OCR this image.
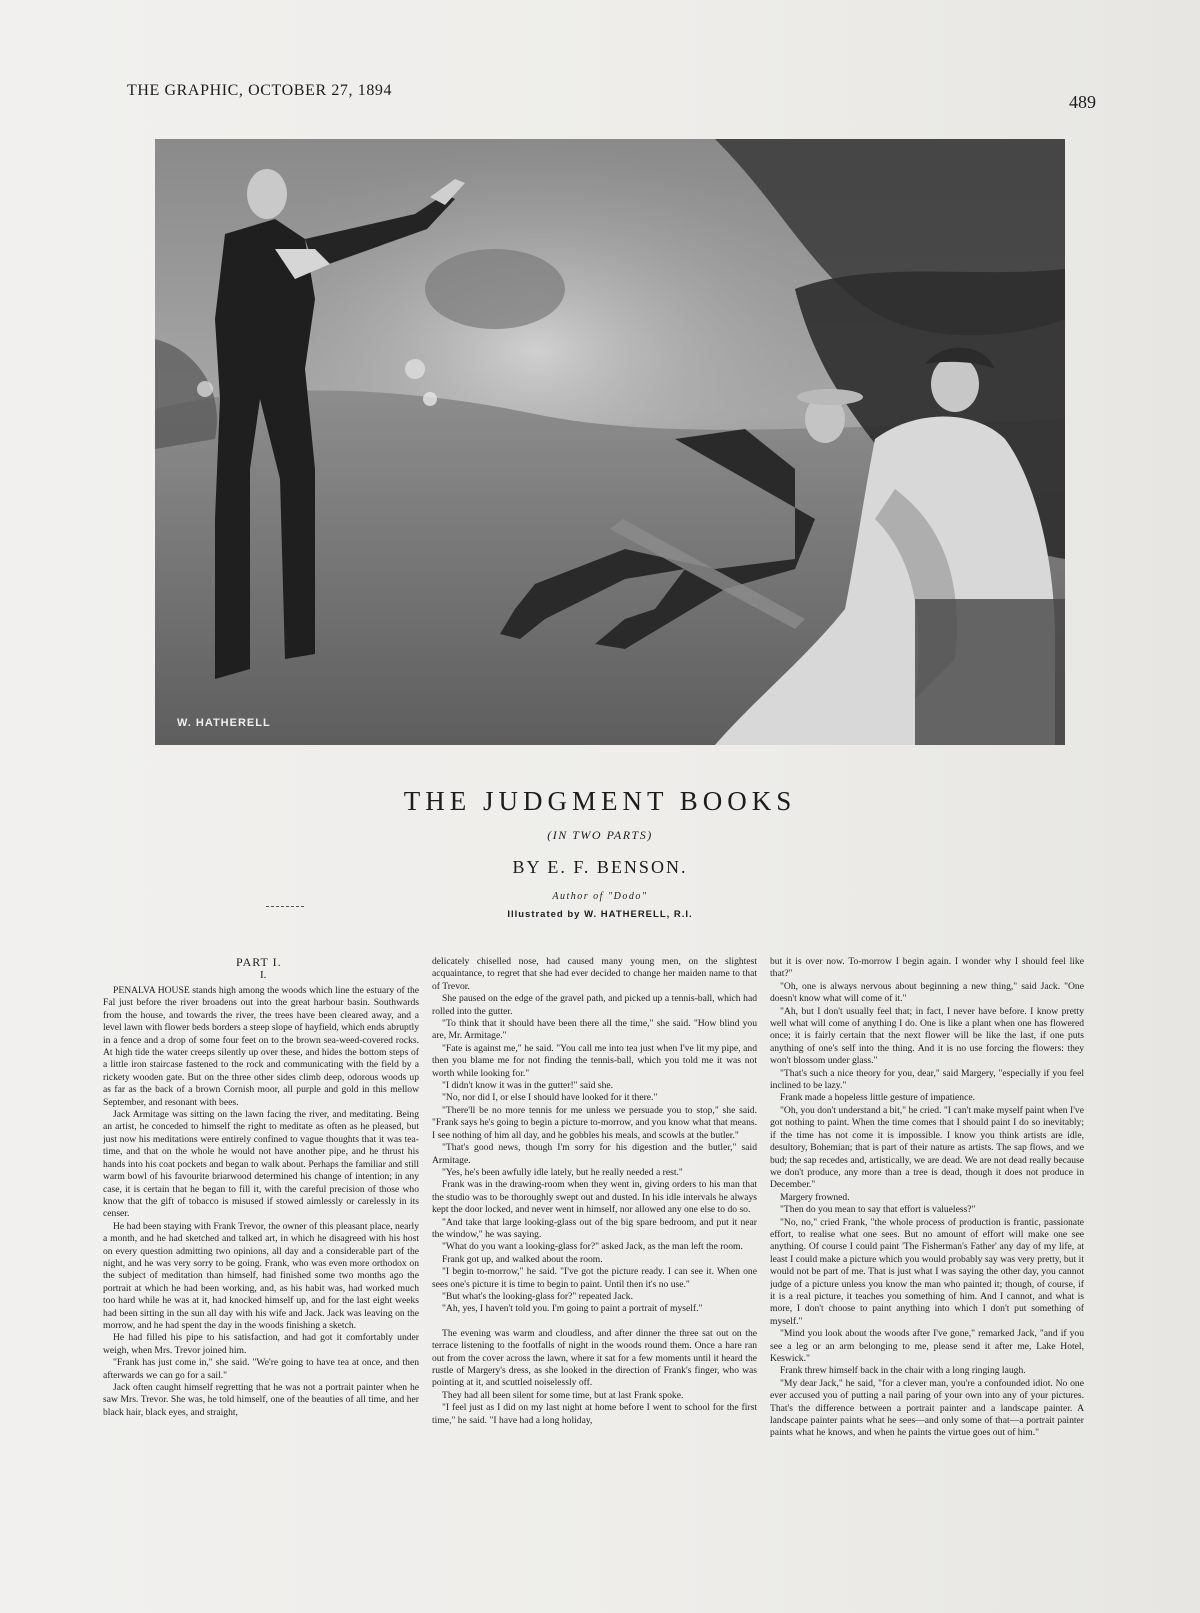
THE GRAPHIC, OCTOBER 27, 1894
489
W. HATHERELL
THE JUDGMENT BOOKS
(IN TWO PARTS)
BY E. F. BENSON.
Author of "Dodo"
Illustrated by W. HATHERELL, R.I.
PART I.
I.

PENALVA HOUSE stands high among the woods which line the estuary of the Fal just before the river broadens out into the great harbour basin. Southwards from the house, and towards the river, the trees have been cleared away, and a level lawn with flower beds borders a steep slope of hayfield, which ends abruptly in a fence and a drop of some four feet on to the brown sea-weed-covered rocks. At high tide the water creeps silently up over these, and hides the bottom steps of a little iron staircase fastened to the rock and communicating with the field by a rickety wooden gate. But on the three other sides climb deep, odorous woods up as far as the back of a brown Cornish moor, all purple and gold in this mellow September, and resonant with bees.

Jack Armitage was sitting on the lawn facing the river, and meditating. Being an artist, he conceded to himself the right to meditate as often as he pleased, but just now his meditations were entirely confined to vague thoughts that it was tea-time, and that on the whole he would not have another pipe, and he thrust his hands into his coat pockets and began to walk about. Perhaps the familiar and still warm bowl of his favourite briarwood determined his change of intention; in any case, it is certain that he began to fill it, with the careful precision of those who know that the gift of tobacco is misused if stowed aimlessly or carelessly in its censer.

He had been staying with Frank Trevor, the owner of this pleasant place, nearly a month, and he had sketched and talked art, in which he disagreed with his host on every question admitting two opinions, all day and a considerable part of the night, and he was very sorry to be going. Frank, who was even more orthodox on the subject of meditation than himself, had finished some two months ago the portrait at which he had been working, and, as his habit was, had worked much too hard while he was at it, had knocked himself up, and for the last eight weeks had been sitting in the sun all day with his wife and Jack. Jack was leaving on the morrow, and he had spent the day in the woods finishing a sketch.

He had filled his pipe to his satisfaction, and had got it comfortably under weigh, when Mrs. Trevor joined him.

"Frank has just come in," she said. "We're going to have tea at once, and then afterwards we can go for a sail."

Jack often caught himself regretting that he was not a portrait painter when he saw Mrs. Trevor. She was, he told himself, one of the beauties of all time, and her black hair, black eyes, and straight,

delicately chiselled nose, had caused many young men, on the slightest acquaintance, to regret that she had ever decided to change her maiden name to that of Trevor.

She paused on the edge of the gravel path, and picked up a tennis-ball, which had rolled into the gutter.

"To think that it should have been there all the time," she said. "How blind you are, Mr. Armitage."

"Fate is against me," he said. "You call me into tea just when I've lit my pipe, and then you blame me for not finding the tennis-ball, which you told me it was not worth while looking for."

"I didn't know it was in the gutter!" said she.

"No, nor did I, or else I should have looked for it there."

"There'll be no more tennis for me unless we persuade you to stop," she said. "Frank says he's going to begin a picture to-morrow, and you know what that means. I see nothing of him all day, and he gobbles his meals, and scowls at the butler."

"That's good news, though I'm sorry for his digestion and the butler," said Armitage.

"Yes, he's been awfully idle lately, but he really needed a rest."

Frank was in the drawing-room when they went in, giving orders to his man that the studio was to be thoroughly swept out and dusted. In his idle intervals he always kept the door locked, and never went in himself, nor allowed any one else to do so.

"And take that large looking-glass out of the big spare bedroom, and put it near the window," he was saying.

"What do you want a looking-glass for?" asked Jack, as the man left the room.

Frank got up, and walked about the room.

"I begin to-morrow," he said. "I've got the picture ready. I can see it. When one sees one's picture it is time to begin to paint. Until then it's no use."

"But what's the looking-glass for?" repeated Jack.

"Ah, yes, I haven't told you. I'm going to paint a portrait of myself."

The evening was warm and cloudless, and after dinner the three sat out on the terrace listening to the footfalls of night in the woods round them. Once a hare ran out from the cover across the lawn, where it sat for a few moments until it heard the rustle of Margery's dress, as she looked in the direction of Frank's finger, who was pointing at it, and scuttled noiselessly off.

They had all been silent for some time, but at last Frank spoke.

"I feel just as I did on my last night at home before I went to school for the first time," he said. "I have had a long holiday,

but it is over now. To-morrow I begin again. I wonder why I should feel like that?"

"Oh, one is always nervous about beginning a new thing," said Jack. "One doesn't know what will come of it."

"Ah, but I don't usually feel that; in fact, I never have before. I know pretty well what will come of anything I do. One is like a plant when one has flowered once; it is fairly certain that the next flower will be like the last, if one puts anything of one's self into the thing. And it is no use forcing the flowers: they won't blossom under glass."

"That's such a nice theory for you, dear," said Margery, "especially if you feel inclined to be lazy."

Frank made a hopeless little gesture of impatience.

"Oh, you don't understand a bit," he cried. "I can't make myself paint when I've got nothing to paint. When the time comes that I should paint I do so inevitably; if the time has not come it is impossible. I know you think artists are idle, desultory, Bohemian; that is part of their nature as artists. The sap flows, and we bud; the sap recedes and, artistically, we are dead. We are not dead really because we don't produce, any more than a tree is dead, though it does not produce in December."

Margery frowned.

"Then do you mean to say that effort is valueless?"

"No, no," cried Frank, "the whole process of production is frantic, passionate effort, to realise what one sees. But no amount of effort will make one see anything. Of course I could paint 'The Fisherman's Father' any day of my life, at least I could make a picture which you would probably say was very pretty, but it would not be part of me. That is just what I was saying the other day, you cannot judge of a picture unless you know the man who painted it; though, of course, if it is a real picture, it teaches you something of him. And I cannot, and what is more, I don't choose to paint anything into which I don't put something of myself."

"Mind you look about the woods after I've gone," remarked Jack, "and if you see a leg or an arm belonging to me, please send it after me, Lake Hotel, Keswick."

Frank threw himself back in the chair with a long ringing laugh.

"My dear Jack," he said, "for a clever man, you're a confounded idiot. No one ever accused you of putting a nail paring of your own into any of your pictures. That's the difference between a portrait painter and a landscape painter. A landscape painter paints what he sees—and only some of that—a portrait painter paints what he knows, and when he paints the virtue goes out of him."
